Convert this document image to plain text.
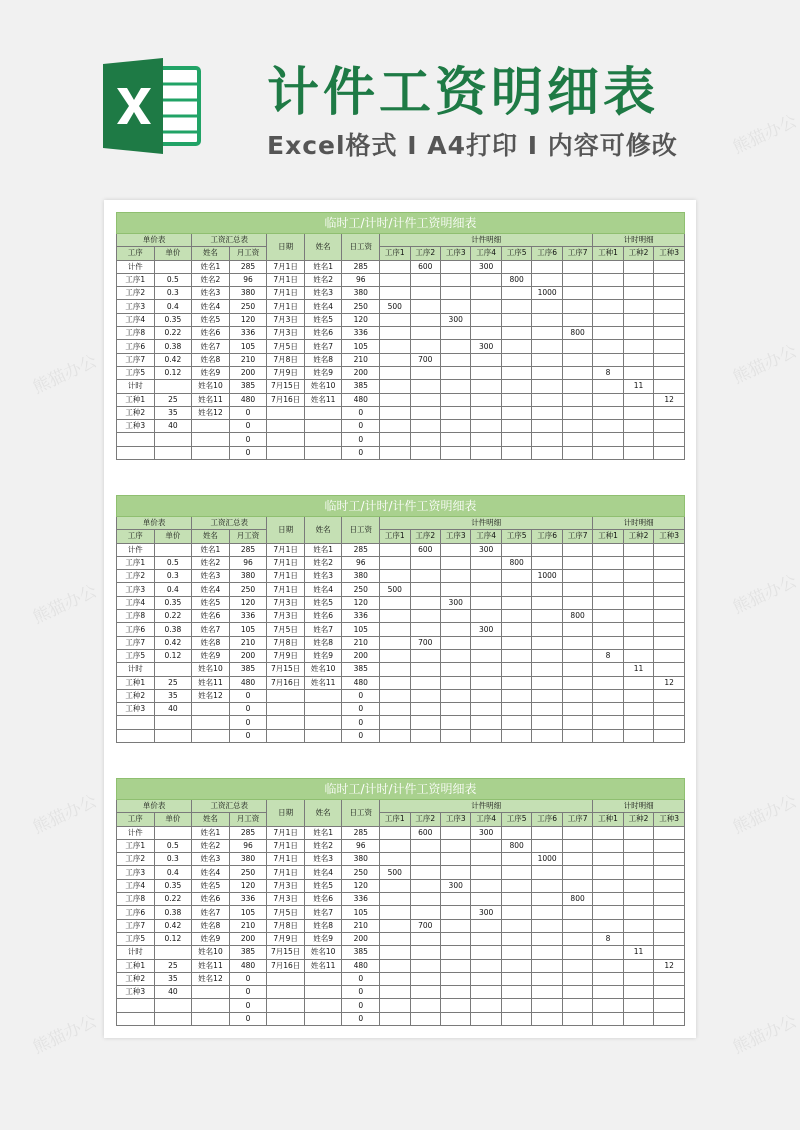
计件工资明细表
Excel格式 I A4打印 I 内容可修改
临时工/计时/计件工资明细表
单价表	工资汇总表	日期	姓名	日工资	计件明细	计时明细
工序	单价	姓名	月工资	工序1	工序2	工序3	工序4	工序5	工序6	工序7	工种1	工种2	工种3
计件		姓名1	285	7月1日	姓名1	285		600		300						
工序1	0.5	姓名2	96	7月1日	姓名2	96					800					
工序2	0.3	姓名3	380	7月1日	姓名3	380						1000				
工序3	0.4	姓名4	250	7月1日	姓名4	250	500									
工序4	0.35	姓名5	120	7月3日	姓名5	120			300							
工序8	0.22	姓名6	336	7月3日	姓名6	336							800			
工序6	0.38	姓名7	105	7月5日	姓名7	105				300						
工序7	0.42	姓名8	210	7月8日	姓名8	210		700								
工序5	0.12	姓名9	200	7月9日	姓名9	200								8		
计时		姓名10	385	7月15日	姓名10	385									11	
工种1	25	姓名11	480	7月16日	姓名11	480										12
工种2	35	姓名12	0			0										
工种3	40		0			0										
			0			0										
			0			0										
临时工/计时/计件工资明细表
单价表	工资汇总表	日期	姓名	日工资	计件明细	计时明细
工序	单价	姓名	月工资	工序1	工序2	工序3	工序4	工序5	工序6	工序7	工种1	工种2	工种3
计件		姓名1	285	7月1日	姓名1	285		600		300						
工序1	0.5	姓名2	96	7月1日	姓名2	96					800					
工序2	0.3	姓名3	380	7月1日	姓名3	380						1000				
工序3	0.4	姓名4	250	7月1日	姓名4	250	500									
工序4	0.35	姓名5	120	7月3日	姓名5	120			300							
工序8	0.22	姓名6	336	7月3日	姓名6	336							800			
工序6	0.38	姓名7	105	7月5日	姓名7	105				300						
工序7	0.42	姓名8	210	7月8日	姓名8	210		700								
工序5	0.12	姓名9	200	7月9日	姓名9	200								8		
计时		姓名10	385	7月15日	姓名10	385									11	
工种1	25	姓名11	480	7月16日	姓名11	480										12
工种2	35	姓名12	0			0										
工种3	40		0			0										
			0			0										
			0			0										
临时工/计时/计件工资明细表
单价表	工资汇总表	日期	姓名	日工资	计件明细	计时明细
工序	单价	姓名	月工资	工序1	工序2	工序3	工序4	工序5	工序6	工序7	工种1	工种2	工种3
计件		姓名1	285	7月1日	姓名1	285		600		300						
工序1	0.5	姓名2	96	7月1日	姓名2	96					800					
工序2	0.3	姓名3	380	7月1日	姓名3	380						1000				
工序3	0.4	姓名4	250	7月1日	姓名4	250	500									
工序4	0.35	姓名5	120	7月3日	姓名5	120			300							
工序8	0.22	姓名6	336	7月3日	姓名6	336							800			
工序6	0.38	姓名7	105	7月5日	姓名7	105				300						
工序7	0.42	姓名8	210	7月8日	姓名8	210		700								
工序5	0.12	姓名9	200	7月9日	姓名9	200								8		
计时		姓名10	385	7月15日	姓名10	385									11	
工种1	25	姓名11	480	7月16日	姓名11	480										12
工种2	35	姓名12	0			0										
工种3	40		0			0										
			0			0										
			0			0										
熊猫办公
熊猫办公
熊猫办公
熊猫办公	熊猫办公
熊猫办公	熊猫办公
熊猫办公	熊猫办公
